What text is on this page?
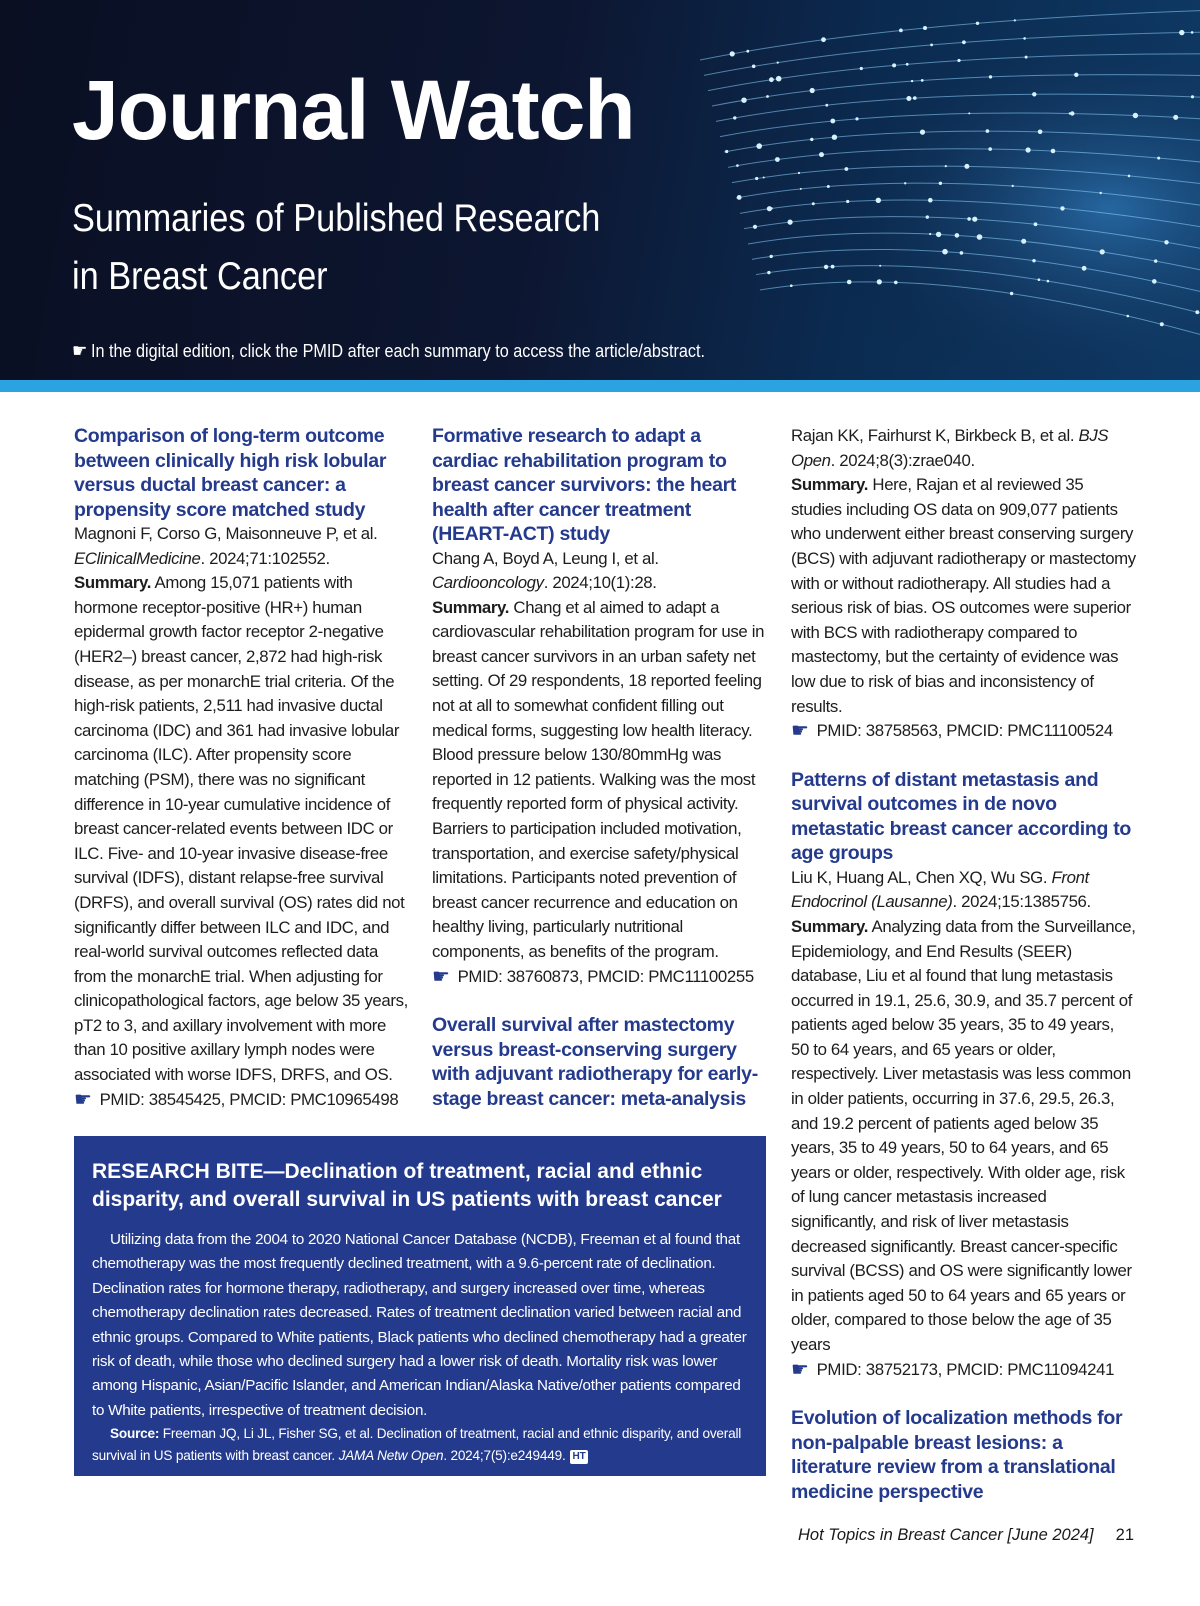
Journal Watch
Summaries of Published Research in Breast Cancer
☛ In the digital edition, click the PMID after each summary to access the article/abstract.
Comparison of long-term outcome between clinically high risk lobular versus ductal breast cancer: a propensity score matched study

Magnoni F, Corso G, Maisonneuve P, et al. EClinicalMedicine. 2024;71:102552.

Summary. Among 15,071 patients with hormone receptor-positive (HR+) human epidermal growth factor receptor 2-negative (HER2–) breast cancer, 2,872 had high-risk disease, as per monarchE trial criteria. Of the high-risk patients, 2,511 had invasive ductal carcinoma (IDC) and 361 had invasive lobular carcinoma (ILC). After propensity score matching (PSM), there was no significant difference in 10-year cumulative incidence of breast cancer-related events between IDC or ILC. Five- and 10-year invasive disease-free survival (IDFS), distant relapse-free survival (DRFS), and overall survival (OS) rates did not significantly differ between ILC and IDC, and real-world survival outcomes reflected data from the monarchE trial. When adjusting for clinicopathological factors, age below 35 years, pT2 to 3, and axillary involvement with more than 10 positive axillary lymph nodes were associated with worse IDFS, DRFS, and OS.

☛ PMID: 38545425, PMCID: PMC10965498

Formative research to adapt a cardiac rehabilitation program to breast cancer survivors: the heart health after cancer treatment (HEART-ACT) study

Chang A, Boyd A, Leung I, et al. Cardiooncology. 2024;10(1):28.

Summary. Chang et al aimed to adapt a cardiovascular rehabilitation program for use in breast cancer survivors in an urban safety net setting. Of 29 respondents, 18 reported feeling not at all to somewhat confident filling out medical forms, suggesting low health literacy. Blood pressure below 130/80mmHg was reported in 12 patients. Walking was the most frequently reported form of physical activity. Barriers to participation included motivation, transportation, and exercise safety/physical limitations. Participants noted prevention of breast cancer recurrence and education on healthy living, particularly nutritional components, as benefits of the program.

☛ PMID: 38760873, PMCID: PMC11100255

Overall survival after mastectomy versus breast-conserving surgery with adjuvant radiotherapy for early-stage breast cancer: meta-analysis

Rajan KK, Fairhurst K, Birkbeck B, et al. BJS Open. 2024;8(3):zrae040.

Summary. Here, Rajan et al reviewed 35 studies including OS data on 909,077 patients who underwent either breast conserving surgery (BCS) with adjuvant radiotherapy or mastectomy with or without radiotherapy. All studies had a serious risk of bias. OS outcomes were superior with BCS with radiotherapy compared to mastectomy, but the certainty of evidence was low due to risk of bias and inconsistency of results.

☛ PMID: 38758563, PMCID: PMC11100524

Patterns of distant metastasis and survival outcomes in de novo metastatic breast cancer according to age groups

Liu K, Huang AL, Chen XQ, Wu SG. Front Endocrinol (Lausanne). 2024;15:1385756.

Summary. Analyzing data from the Surveillance, Epidemiology, and End Results (SEER) database, Liu et al found that lung metastasis occurred in 19.1, 25.6, 30.9, and 35.7 percent of patients aged below 35 years, 35 to 49 years, 50 to 64 years, and 65 years or older, respectively. Liver metastasis was less common in older patients, occurring in 37.6, 29.5, 26.3, and 19.2 percent of patients aged below 35 years, 35 to 49 years, 50 to 64 years, and 65 years or older, respectively. With older age, risk of lung cancer metastasis increased significantly, and risk of liver metastasis decreased significantly. Breast cancer-specific survival (BCSS) and OS were significantly lower in patients aged 50 to 64 years and 65 years or older, compared to those below the age of 35 years

☛ PMID: 38752173, PMCID: PMC11094241

Evolution of localization methods for non-palpable breast lesions: a literature review from a translational medicine perspective
RESEARCH BITE—Declination of treatment, racial and ethnic disparity, and overall survival in US patients with breast cancer

Utilizing data from the 2004 to 2020 National Cancer Database (NCDB), Freeman et al found that chemotherapy was the most frequently declined treatment, with a 9.6-percent rate of declination. Declination rates for hormone therapy, radiotherapy, and surgery increased over time, whereas chemotherapy declination rates decreased. Rates of treatment declination varied between racial and ethnic groups. Compared to White patients, Black patients who declined chemotherapy had a greater risk of death, while those who declined surgery had a lower risk of death. Mortality risk was lower among Hispanic, Asian/Pacific Islander, and American Indian/Alaska Native/other patients compared to White patients, irrespective of treatment decision.

Source: Freeman JQ, Li JL, Fisher SG, et al. Declination of treatment, racial and ethnic disparity, and overall survival in US patients with breast cancer. JAMA Netw Open. 2024;7(5):e249449. HT

Hot Topics in Breast Cancer [June 2024] 21
